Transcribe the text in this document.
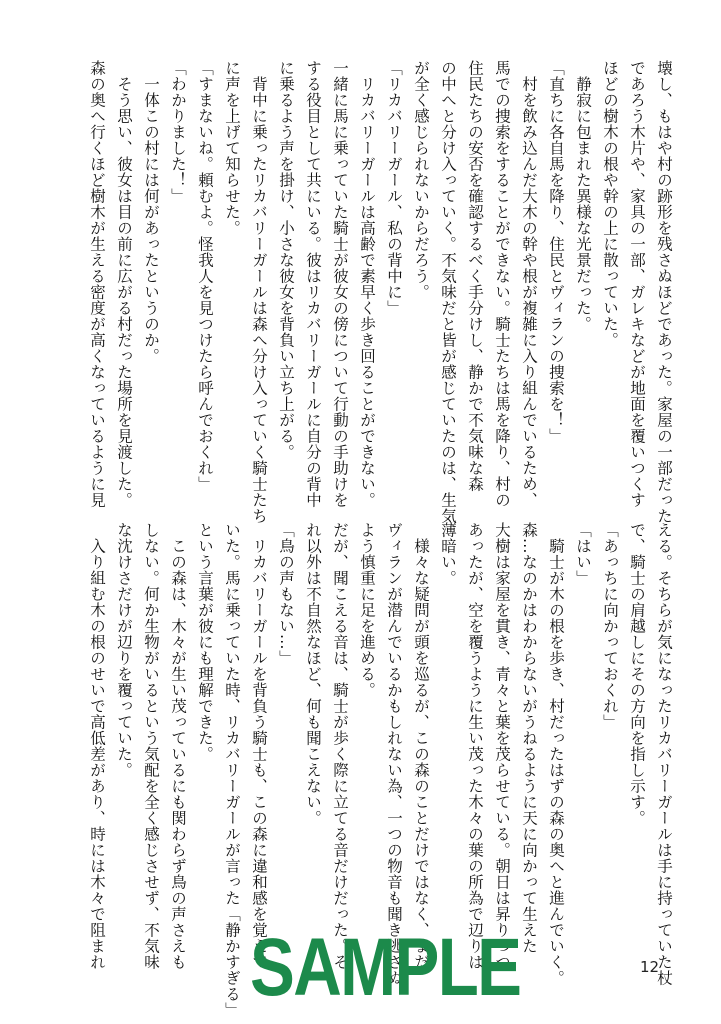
壊し、もはや村の跡形を残さぬほどであった。家屋の一部だった
であろう木片や、家具の一部、ガレキなどが地面を覆いつくす
ほどの樹木の根や幹の上に散っていた。
　静寂に包まれた異様な光景だった。
「直ちに各自馬を降り、住民とヴィランの捜索を！」
　村を飲み込んだ大木の幹や根が複雑に入り組んでいるため、
馬での捜索をすることができない。騎士たちは馬を降り、村の
住民たちの安否を確認するべく手分けし、静かで不気味な森
の中へと分け入っていく。不気味だと皆が感じていたのは、生気
が全く感じられないからだろう。
「リカバリーガール、私の背中に」
　リカバリーガールは高齢で素早く歩き回ることができない。
一緒に馬に乗っていた騎士が彼女の傍について行動の手助けを
する役目として共にいる。彼はリカバリーガールに自分の背中
に乗るよう声を掛け、小さな彼女を背負い立ち上がる。
　背中に乗ったリカバリーガールは森へ分け入っていく騎士たち
に声を上げて知らせた。
「すまないね。頼むよ。怪我人を見つけたら呼んでおくれ」
「わかりました！」
　一体この村には何があったというのか。
　そう思い、彼女は目の前に広がる村だった場所を見渡した。
森の奥へ行くほど樹木が生える密度が高くなっているように見
える。そちらが気になったリカバリーガールは手に持っていた杖
で、騎士の肩越しにその方向を指し示す。
「あっちに向かっておくれ」
「はい」
　騎士が木の根を歩き、村だったはずの森の奥へと進んでいく。
森…なのかはわからないがうねるように天に向かって生えた
大樹は家屋を貫き、青々と葉を茂らせている。朝日は昇りつつ
あったが、空を覆うように生い茂った木々の葉の所為で辺りは
薄暗い。
　様々な疑問が頭を巡るが、この森のことだけではなく、まだ
ヴィランが潜んでいるかもしれない為、一つの物音も聞き逃さぬ
よう慎重に足を進める。
だが、聞こえる音は、騎士が歩く際に立てる音だけだった。そ
れ以外は不自然なほど、何も聞こえない。
「鳥の声もない…」
　リカバリーガールを背負う騎士も、この森に違和感を覚えて
いた。馬に乗っていた時、リカバリーガールが言った「静かすぎる」
という言葉が彼にも理解できた。
　この森は、木々が生い茂っているにも関わらず鳥の声さえも
しない。何か生物がいるという気配を全く感じさせず、不気味
な沈けさだけが辺りを覆っていた。
　入り組む木の根のせいで高低差があり、時には木々で阻まれ SAMPLE	12
